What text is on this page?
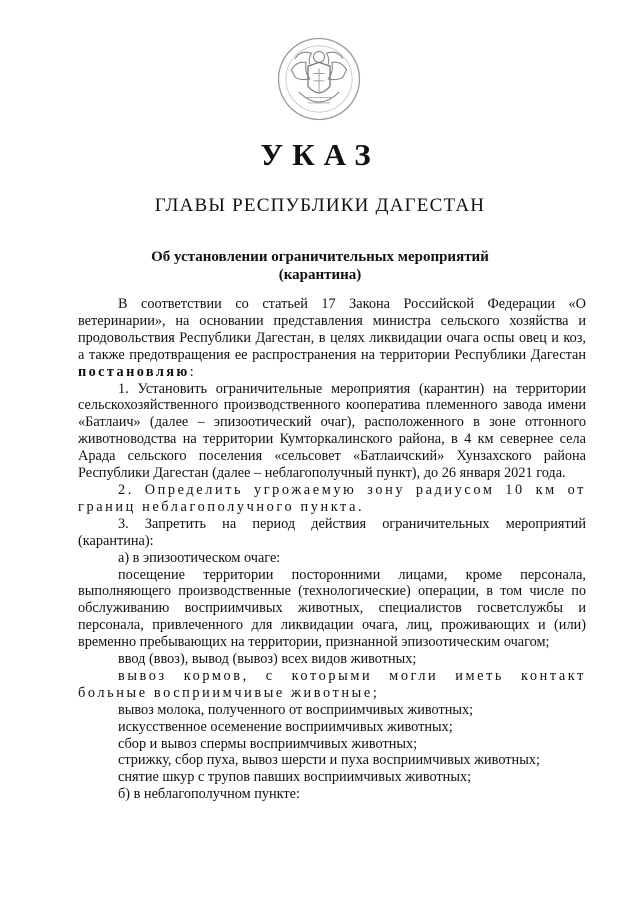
УКАЗ
ГЛАВЫ РЕСПУБЛИКИ ДАГЕСТАН
Об установлении ограничительных мероприятий
(карантина)

В соответствии со статьей 17 Закона Российской Федерации «О ветеринарии», на основании представления министра сельского хозяйства и продовольствия Республики Дагестан, в целях ликвидации очага оспы овец и коз, а также предотвращения ее распространения на территории Республики Дагестан постановляю:

1. Установить ограничительные мероприятия (карантин) на территории сельскохозяйственного производственного кооператива племенного завода имени «Батлаич» (далее – эпизоотический очаг), расположенного в зоне отгонного животноводства на территории Кумторкалинского района, в 4 км севернее села Арада сельского поселения «сельсовет «Батлаичский» Хунзахского района Республики Дагестан (далее – неблагополучный пункт), до 26 января 2021 года.

2. Определить угрожаемую зону радиусом 10 км от границ неблагополучного пункта.

3. Запретить на период действия ограничительных мероприятий (карантина):

а) в эпизоотическом очаге:

посещение территории посторонними лицами, кроме персонала, выполняющего производственные (технологические) операции, в том числе по обслуживанию восприимчивых животных, специалистов госветслужбы и персонала, привлеченного для ликвидации очага, лиц, проживающих и (или) временно пребывающих на территории, признанной эпизоотическим очагом;

ввод (ввоз), вывод (вывоз) всех видов животных;

вывоз кормов, с которыми могли иметь контакт больные восприимчивые животные;

вывоз молока, полученного от восприимчивых животных;

искусственное осеменение восприимчивых животных;

сбор и вывоз спермы восприимчивых животных;

стрижку, сбор пуха, вывоз шерсти и пуха восприимчивых животных;

снятие шкур с трупов павших восприимчивых животных;

б) в неблагополучном пункте:
